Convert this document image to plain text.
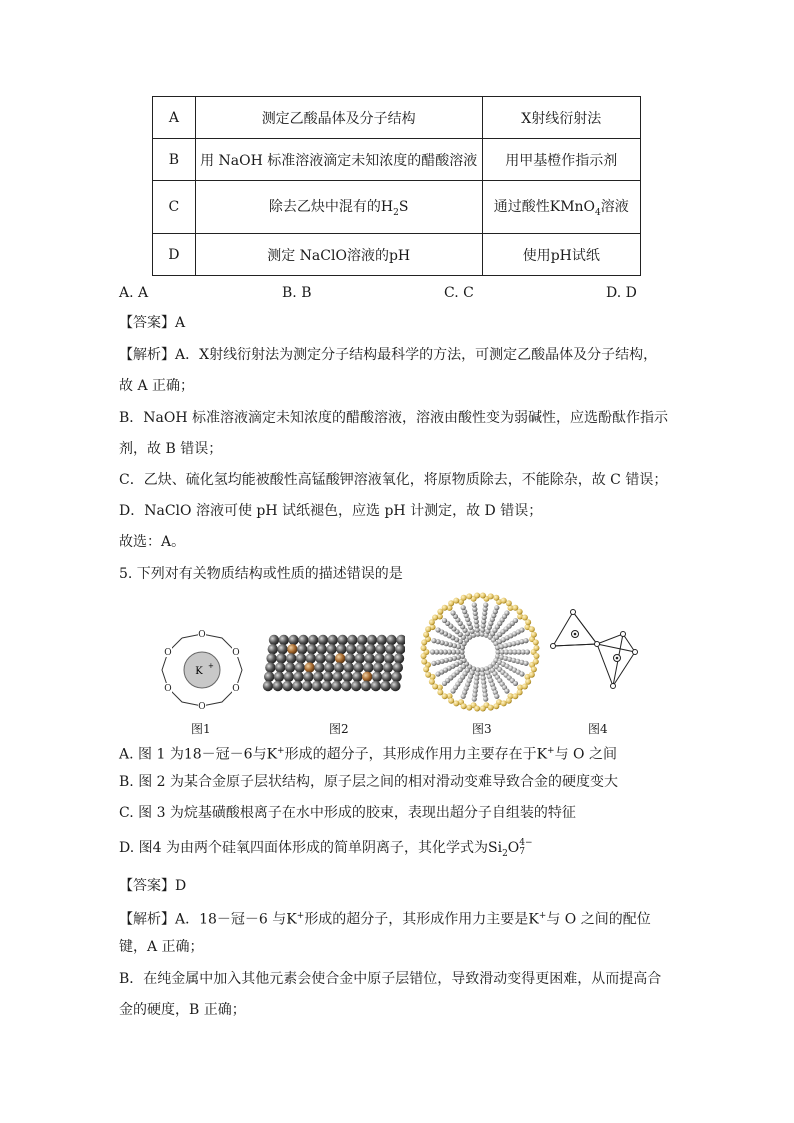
A	测定乙酸晶体及分子结构	X射线衍射法
B	用 NaOH 标准溶液滴定未知浓度的醋酸溶液	用甲基橙作指示剂
C	除去乙炔中混有的$H_2S$	通过酸性KMnO$_4$溶液
D	测定 NaClO溶液的pH	使用pH试纸
A. A	B. B	C. C	D. D
【答案】A
【解析】A．X射线衍射法为测定分子结构最科学的方法，可测定乙酸晶体及分子结构，
故 A 正确；
B．NaOH 标准溶液滴定未知浓度的醋酸溶液，溶液由酸性变为弱碱性，应选酚酞作指示
剂，故 B 错误；
C．乙炔、硫化氢均能被酸性高锰酸钾溶液氧化，将原物质除去，不能除杂，故 C 错误；
D．NaClO 溶液可使 pH 试纸褪色，应选 pH 计测定，故 D 错误；
故选：A。
5. 下列对有关物质结构或性质的描述错误的是
O
O
O
O
O
O
K +
图1	图2	图3	图4
A. 图 1 为18－冠－6与K+形成的超分子，其形成作用力主要存在于K+与 O 之间
B. 图 2 为某合金原子层状结构，原子层之间的相对滑动变难导致合金的硬度变大
C. 图 3 为烷基磺酸根离子在水中形成的胶束，表现出超分子自组装的特征
D. 图4 为由两个硅氧四面体形成的简单阴离子，其化学式为$Si_2O$ 4−
7
【答案】D
【解析】A．18－冠－6 与K+形成的超分子，其形成作用力主要是K+与 O 之间的配位
键，A 正确；
B．在纯金属中加入其他元素会使合金中原子层错位，导致滑动变得更困难，从而提高合
金的硬度，B 正确；
